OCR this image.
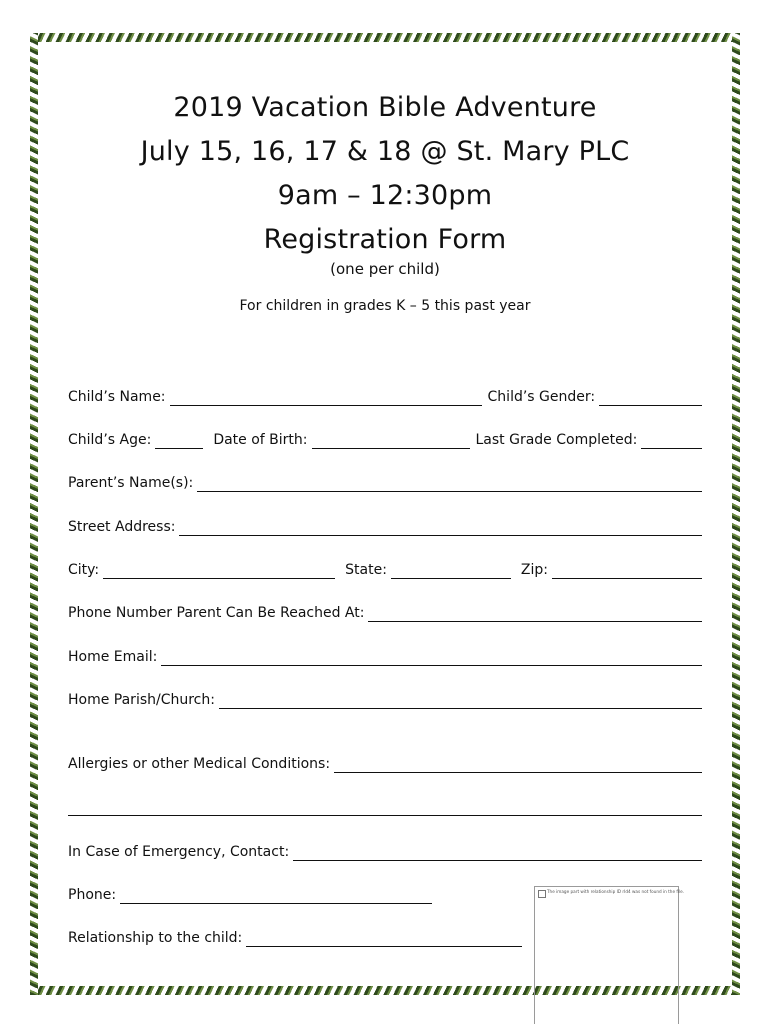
2019 Vacation Bible Adventure
July 15, 16, 17 & 18 @ St. Mary PLC
9am – 12:30pm
Registration Form
(one per child)
For children in grades K – 5 this past year
Child’s Name:	Child’s Gender:
Child’s Age:	Date of Birth:	Last Grade Completed:
Parent’s Name(s):
Street Address:
City:	State:	Zip:
Phone Number Parent Can Be Reached At:
Home Email:
Home Parish/Church:
Allergies or other Medical Conditions:
In Case of Emergency, Contact:
Phone:
Relationship to the child:
The image part with relationship ID rId4 was not found in the file.
